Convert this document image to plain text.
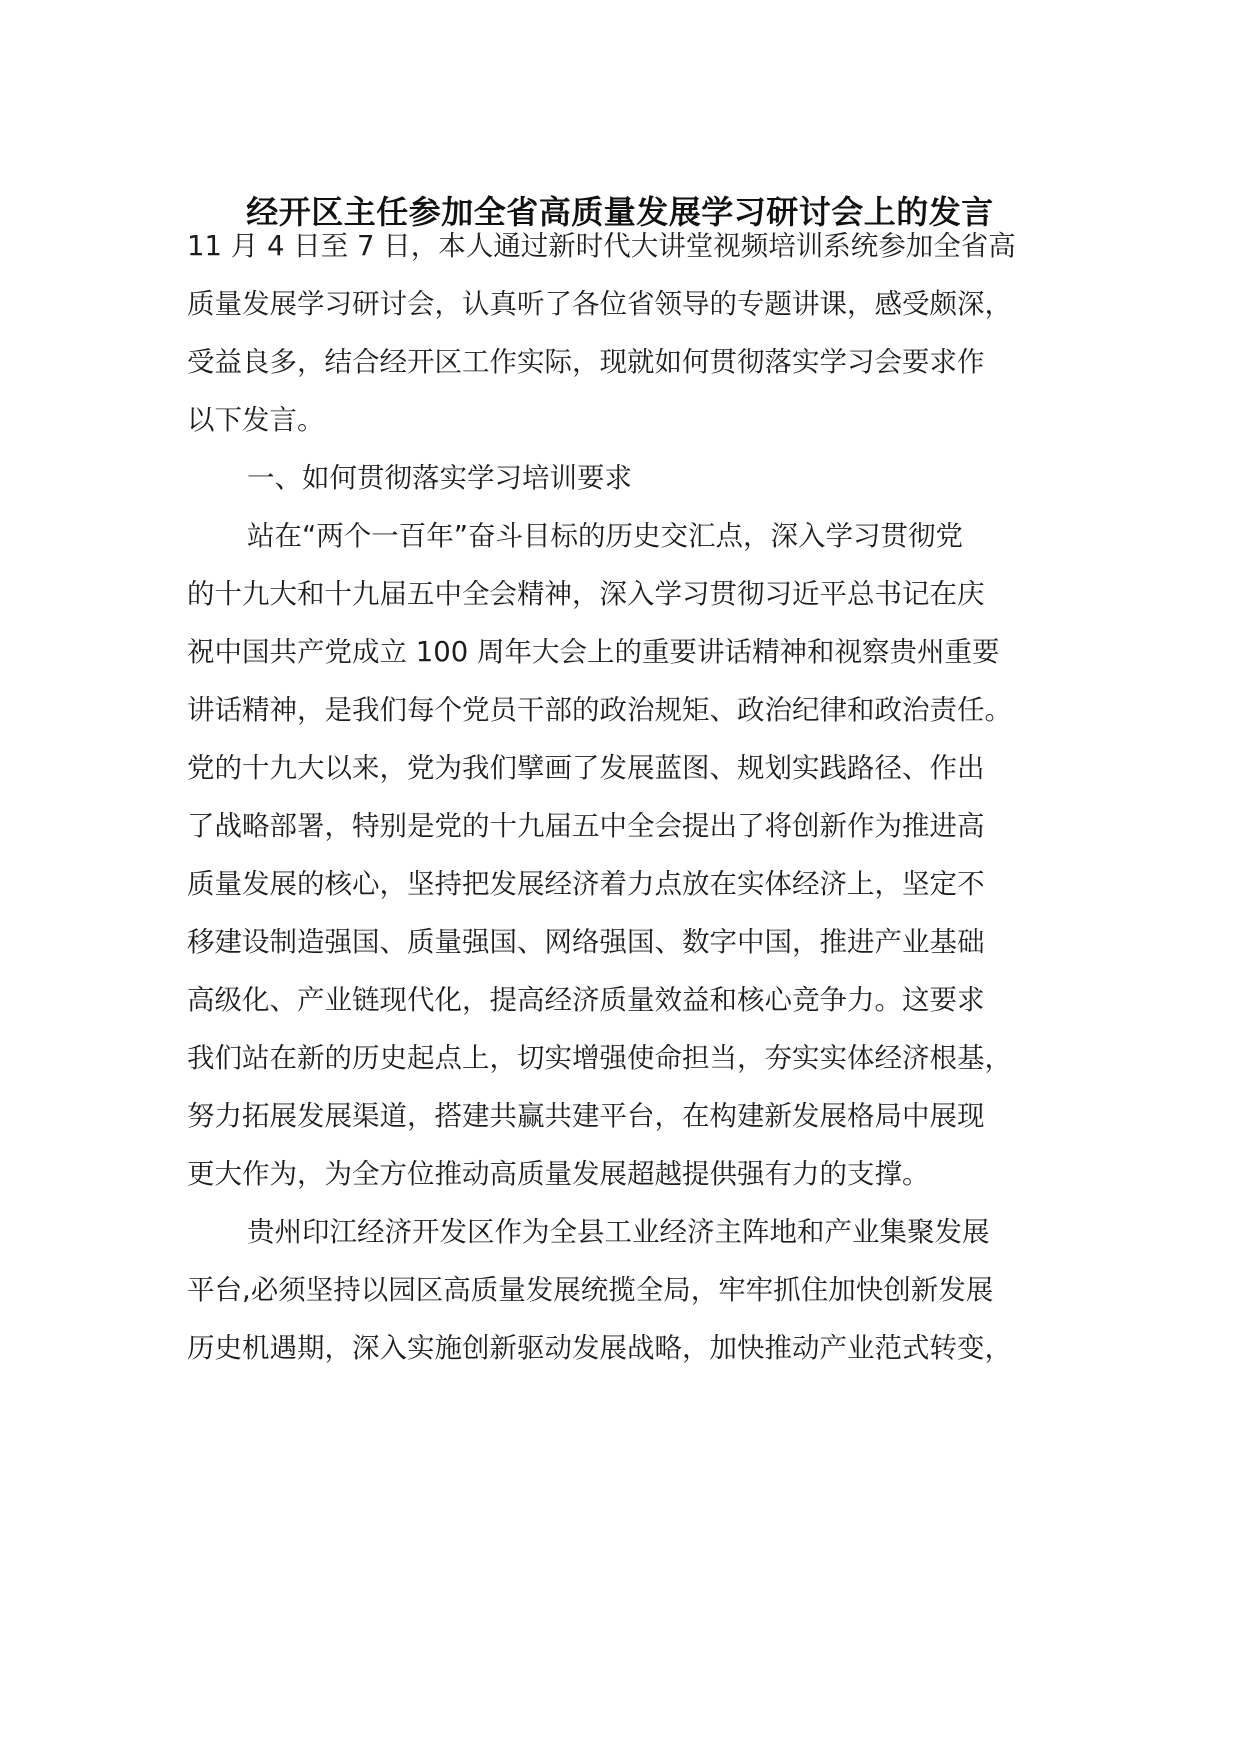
经开区主任参加全省高质量发展学习研讨会上的发言
11 月 4 日至 7 日，本人通过新时代大讲堂视频培训系统参加全省高
质量发展学习研讨会，认真听了各位省领导的专题讲课，感受颇深，
受益良多，结合经开区工作实际，现就如何贯彻落实学习会要求作
以下发言。
一、如何贯彻落实学习培训要求
站在“两个一百年”奋斗目标的历史交汇点，深入学习贯彻党
的十九大和十九届五中全会精神，深入学习贯彻习近平总书记在庆
祝中国共产党成立 100 周年大会上的重要讲话精神和视察贵州重要
讲话精神，是我们每个党员干部的政治规矩、政治纪律和政治责任。
党的十九大以来，党为我们擘画了发展蓝图、规划实践路径、作出
了战略部署，特别是党的十九届五中全会提出了将创新作为推进高
质量发展的核心，坚持把发展经济着力点放在实体经济上，坚定不
移建设制造强国、质量强国、网络强国、数字中国，推进产业基础
高级化、产业链现代化，提高经济质量效益和核心竞争力。这要求
我们站在新的历史起点上，切实增强使命担当，夯实实体经济根基，
努力拓展发展渠道，搭建共赢共建平台，在构建新发展格局中展现
更大作为，为全方位推动高质量发展超越提供强有力的支撑。
贵州印江经济开发区作为全县工业经济主阵地和产业集聚发展
平台,必须坚持以园区高质量发展统揽全局，牢牢抓住加快创新发展
历史机遇期，深入实施创新驱动发展战略，加快推动产业范式转变，
